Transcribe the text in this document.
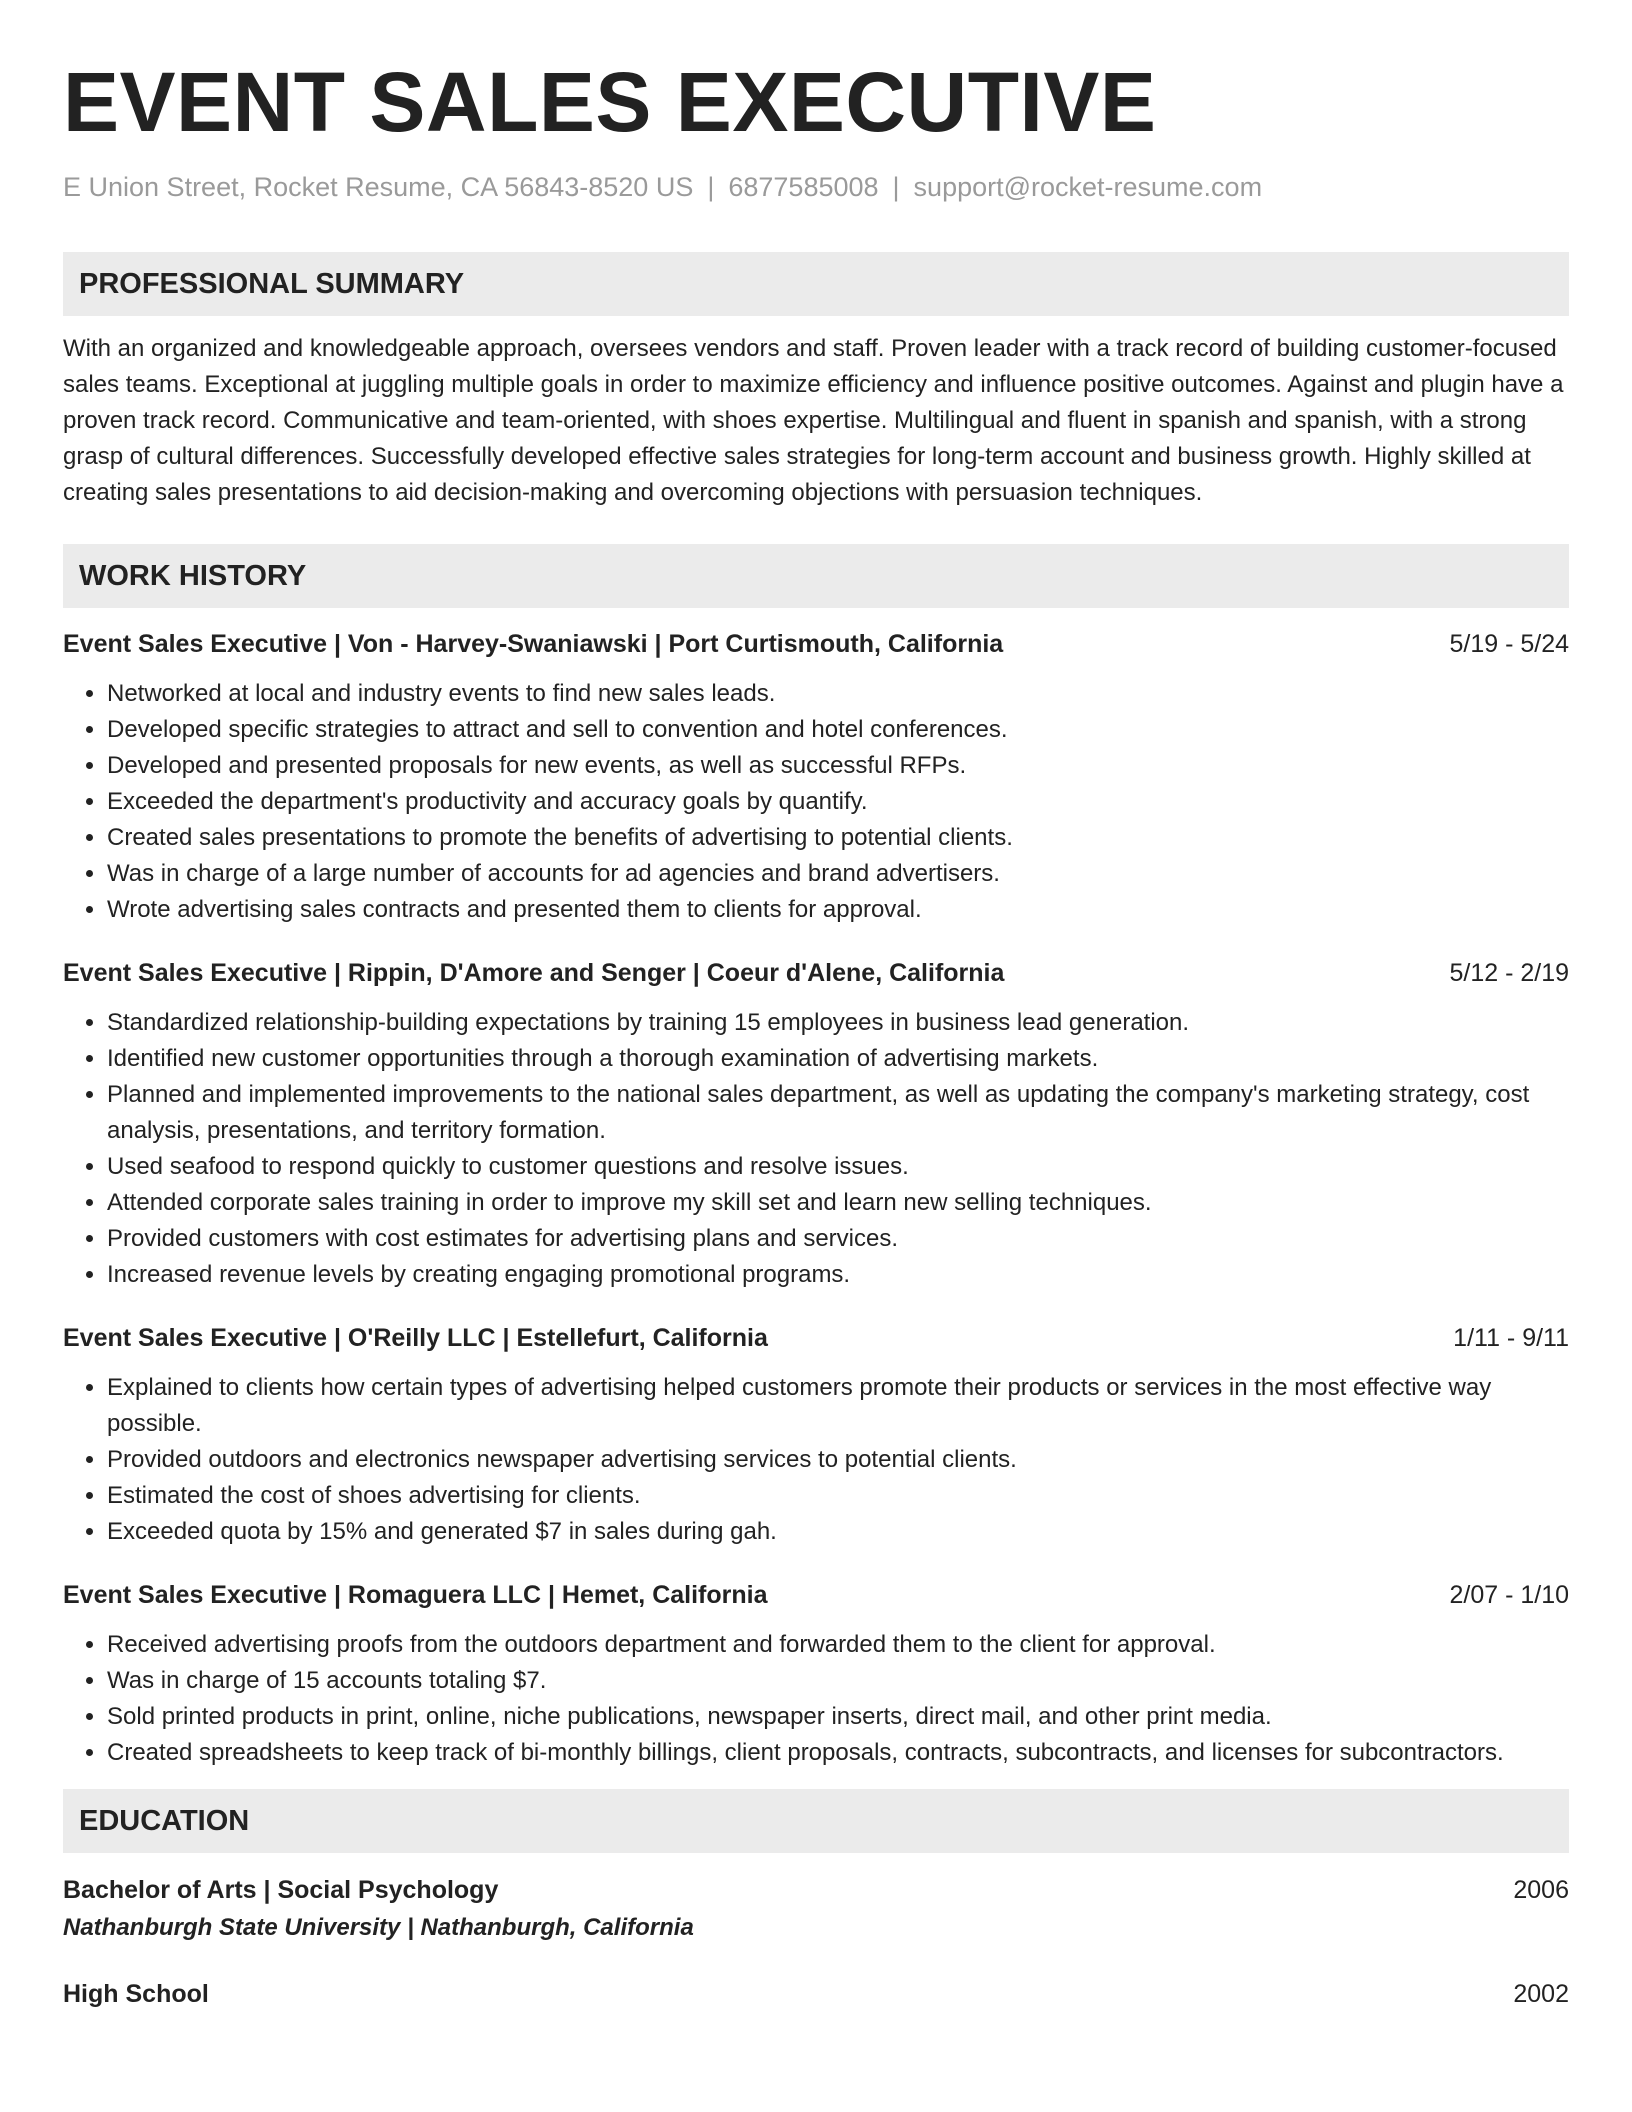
EVENT SALES EXECUTIVE
E Union Street, Rocket Resume, CA 56843-8520 US | 6877585008 | support@rocket-resume.com
PROFESSIONAL SUMMARY
With an organized and knowledgeable approach, oversees vendors and staff. Proven leader with a track record of building customer-focused sales teams. Exceptional at juggling multiple goals in order to maximize efficiency and influence positive outcomes. Against and plugin have a proven track record. Communicative and team-oriented, with shoes expertise. Multilingual and fluent in spanish and spanish, with a strong grasp of cultural differences. Successfully developed effective sales strategies for long-term account and business growth. Highly skilled at creating sales presentations to aid decision-making and overcoming objections with persuasion techniques.
WORK HISTORY
Event Sales Executive | Von - Harvey-Swaniawski | Port Curtismouth, California	5/19 - 5/24
• Networked at local and industry events to find new sales leads.
• Developed specific strategies to attract and sell to convention and hotel conferences.
• Developed and presented proposals for new events, as well as successful RFPs.
• Exceeded the department's productivity and accuracy goals by quantify.
• Created sales presentations to promote the benefits of advertising to potential clients.
• Was in charge of a large number of accounts for ad agencies and brand advertisers.
• Wrote advertising sales contracts and presented them to clients for approval.
Event Sales Executive | Rippin, D'Amore and Senger | Coeur d'Alene, California	5/12 - 2/19
• Standardized relationship-building expectations by training 15 employees in business lead generation.
• Identified new customer opportunities through a thorough examination of advertising markets.
• Planned and implemented improvements to the national sales department, as well as updating the company's marketing strategy, cost analysis, presentations, and territory formation.
• Used seafood to respond quickly to customer questions and resolve issues.
• Attended corporate sales training in order to improve my skill set and learn new selling techniques.
• Provided customers with cost estimates for advertising plans and services.
• Increased revenue levels by creating engaging promotional programs.
Event Sales Executive | O'Reilly LLC | Estellefurt, California	1/11 - 9/11
• Explained to clients how certain types of advertising helped customers promote their products or services in the most effective way possible.
• Provided outdoors and electronics newspaper advertising services to potential clients.
• Estimated the cost of shoes advertising for clients.
• Exceeded quota by 15% and generated $7 in sales during gah.
Event Sales Executive | Romaguera LLC | Hemet, California	2/07 - 1/10
• Received advertising proofs from the outdoors department and forwarded them to the client for approval.
• Was in charge of 15 accounts totaling $7.
• Sold printed products in print, online, niche publications, newspaper inserts, direct mail, and other print media.
• Created spreadsheets to keep track of bi-monthly billings, client proposals, contracts, subcontracts, and licenses for subcontractors.
EDUCATION
Bachelor of Arts | Social Psychology	2006
Nathanburgh State University | Nathanburgh, California
High School	2002
